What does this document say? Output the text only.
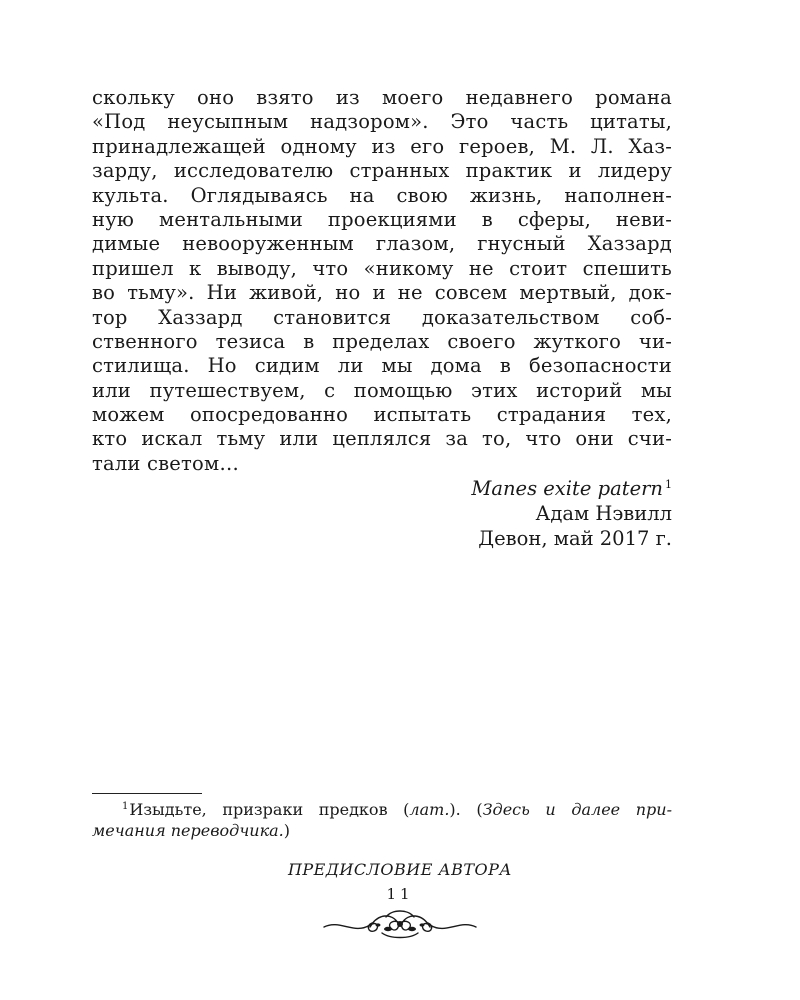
скольку оно взято из моего недавнего романа
«Под неусыпным надзором». Это часть цитаты,
принадлежащей одному из его героев, М. Л. Хаз-
зарду, исследователю странных практик и лидеру
культа. Оглядываясь на свою жизнь, наполнен-
ную ментальными проекциями в сферы, неви-
димые невооруженным глазом, гнусный Хаззард
пришел к выводу, что «никому не стоит спешить
во тьму». Ни живой, но и не совсем мертвый, док-
тор Хаззард становится доказательством соб-
ственного тезиса в пределах своего жуткого чи-
стилища. Но сидим ли мы дома в безопасности
или путешествуем, с помощью этих историй мы
можем опосредованно испытать страдания тех,
кто искал тьму или цеплялся за то, что они счи-
тали светом…
Manes exite patern $^1$
Адам Нэвилл
Девон, май 2017 г.
$^1$Изыдьте, призраки предков (лат.). (Здесь и далее при-
мечания переводчика.)
ПРЕДИСЛОВИЕ АВТОРА
11
